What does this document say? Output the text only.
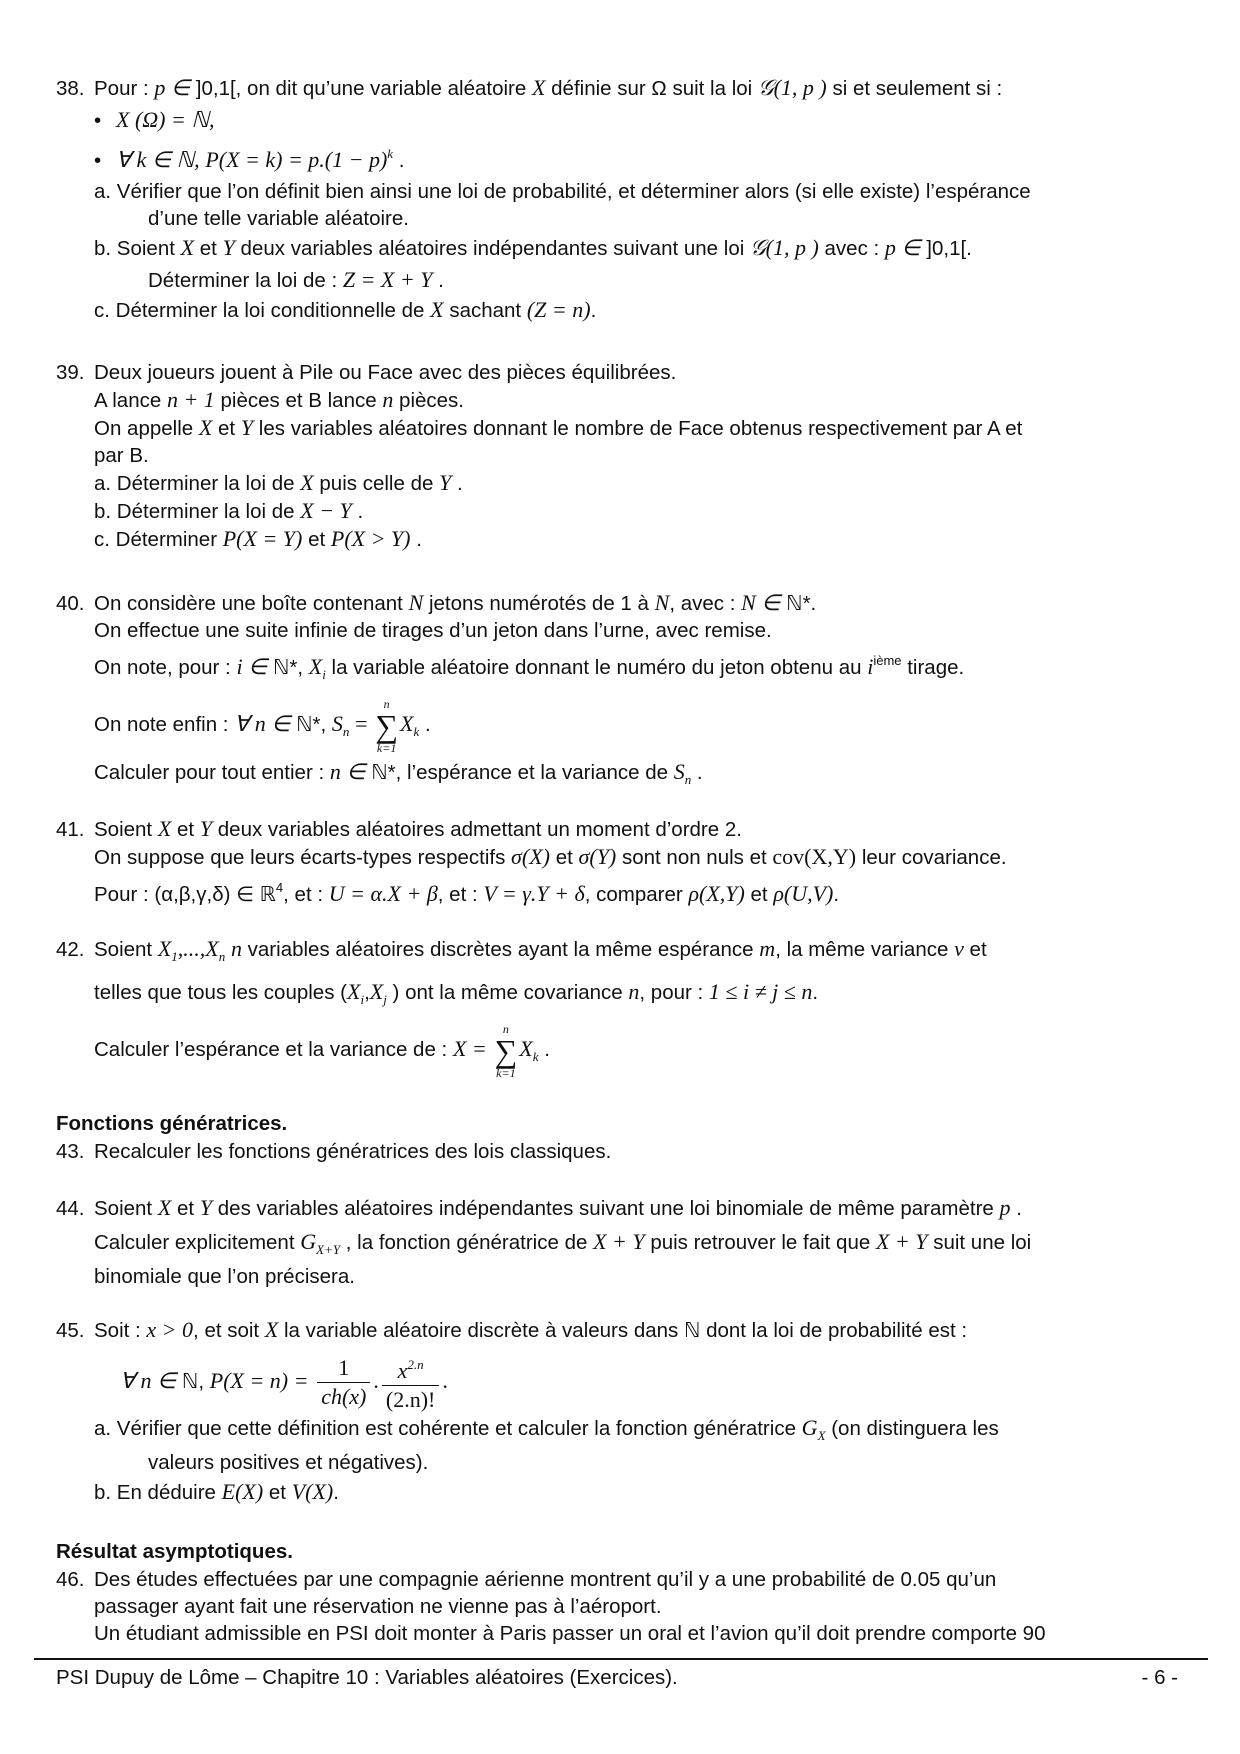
38. Pour : p ∈ ]0,1[, on dit qu’une variable aléatoire X définie sur Ω suit la loi 𝒢(1, p ) si et seulement si :
• X (Ω) = ℕ,
• ∀ k ∈ ℕ, $P(X = k) = p.(1 - p)^k$ .
a. Vérifier que l’on définit bien ainsi une loi de probabilité, et déterminer alors (si elle existe) l’espérance
d’une telle variable aléatoire.
b. Soient X et Y deux variables aléatoires indépendantes suivant une loi 𝒢(1, p ) avec : p ∈ ]0,1[.
Déterminer la loi de : Z = X + Y .
c. Déterminer la loi conditionnelle de X sachant (Z = n).
39. Deux joueurs jouent à Pile ou Face avec des pièces équilibrées.
A lance n + 1 pièces et B lance n pièces.
On appelle X et Y les variables aléatoires donnant le nombre de Face obtenus respectivement par A et
par B.
a. Déterminer la loi de X puis celle de Y .
b. Déterminer la loi de X − Y .
c. Déterminer P(X = Y) et P(X > Y) .
40. On considère une boîte contenant N jetons numérotés de 1 à N, avec : N ∈ ℕ*.
On effectue une suite infinie de tirages d’un jeton dans l’urne, avec remise.
On note, pour : i ∈ ℕ*, $X_i$ la variable aléatoire donnant le numéro du jeton obtenu au $i^{ième}$ tirage.
On note enfin : ∀ n ∈ ℕ*, $S_n$ =
n
∑
k=1
$X_k$ .
Calculer pour tout entier : n ∈ ℕ*, l’espérance et la variance de $S_n$ .
41. Soient X et Y deux variables aléatoires admettant un moment d’ordre 2.
On suppose que leurs écarts-types respectifs σ(X) et σ(Y) sont non nuls et cov(X,Y) leur covariance.
Pour : (α,β,γ,δ) ∈ ℝ$^4$, et : U = α.X + β, et : V = γ.Y + δ, comparer ρ(X,Y) et ρ(U,V).
42. Soient $X_1,...,X_n$ n variables aléatoires discrètes ayant la même espérance m, la même variance v et
telles que tous les couples ($X_i,X_j$ ) ont la même covariance n, pour : 1 ≤ i ≠ j ≤ n.
Calculer l’espérance et la variance de : X =
n
∑
k=1
$X_k$ .
Fonctions génératrices.
43. Recalculer les fonctions génératrices des lois classiques.
44. Soient X et Y des variables aléatoires indépendantes suivant une loi binomiale de même paramètre p .
Calculer explicitement $G_{X+Y}$ , la fonction génératrice de X + Y puis retrouver le fait que X + Y suit une loi
binomiale que l’on précisera.
45. Soit : x > 0, et soit X la variable aléatoire discrète à valeurs dans ℕ dont la loi de probabilité est :
∀ n ∈ ℕ, $P(X = n) = \frac{1}{ch(x)}$ . $\frac{x^{2.n}}{(2.n)!}$ .
a. Vérifier que cette définition est cohérente et calculer la fonction génératrice $G_X$ (on distinguera les
valeurs positives et négatives).
b. En déduire E(X) et V(X).
Résultat asymptotiques.
46. Des études effectuées par une compagnie aérienne montrent qu’il y a une probabilité de 0.05 qu’un
passager ayant fait une réservation ne vienne pas à l’aéroport.
Un étudiant admissible en PSI doit monter à Paris passer un oral et l’avion qu’il doit prendre comporte 90
PSI Dupuy de Lôme – Chapitre 10 : Variables aléatoires (Exercices).	- 6 -
